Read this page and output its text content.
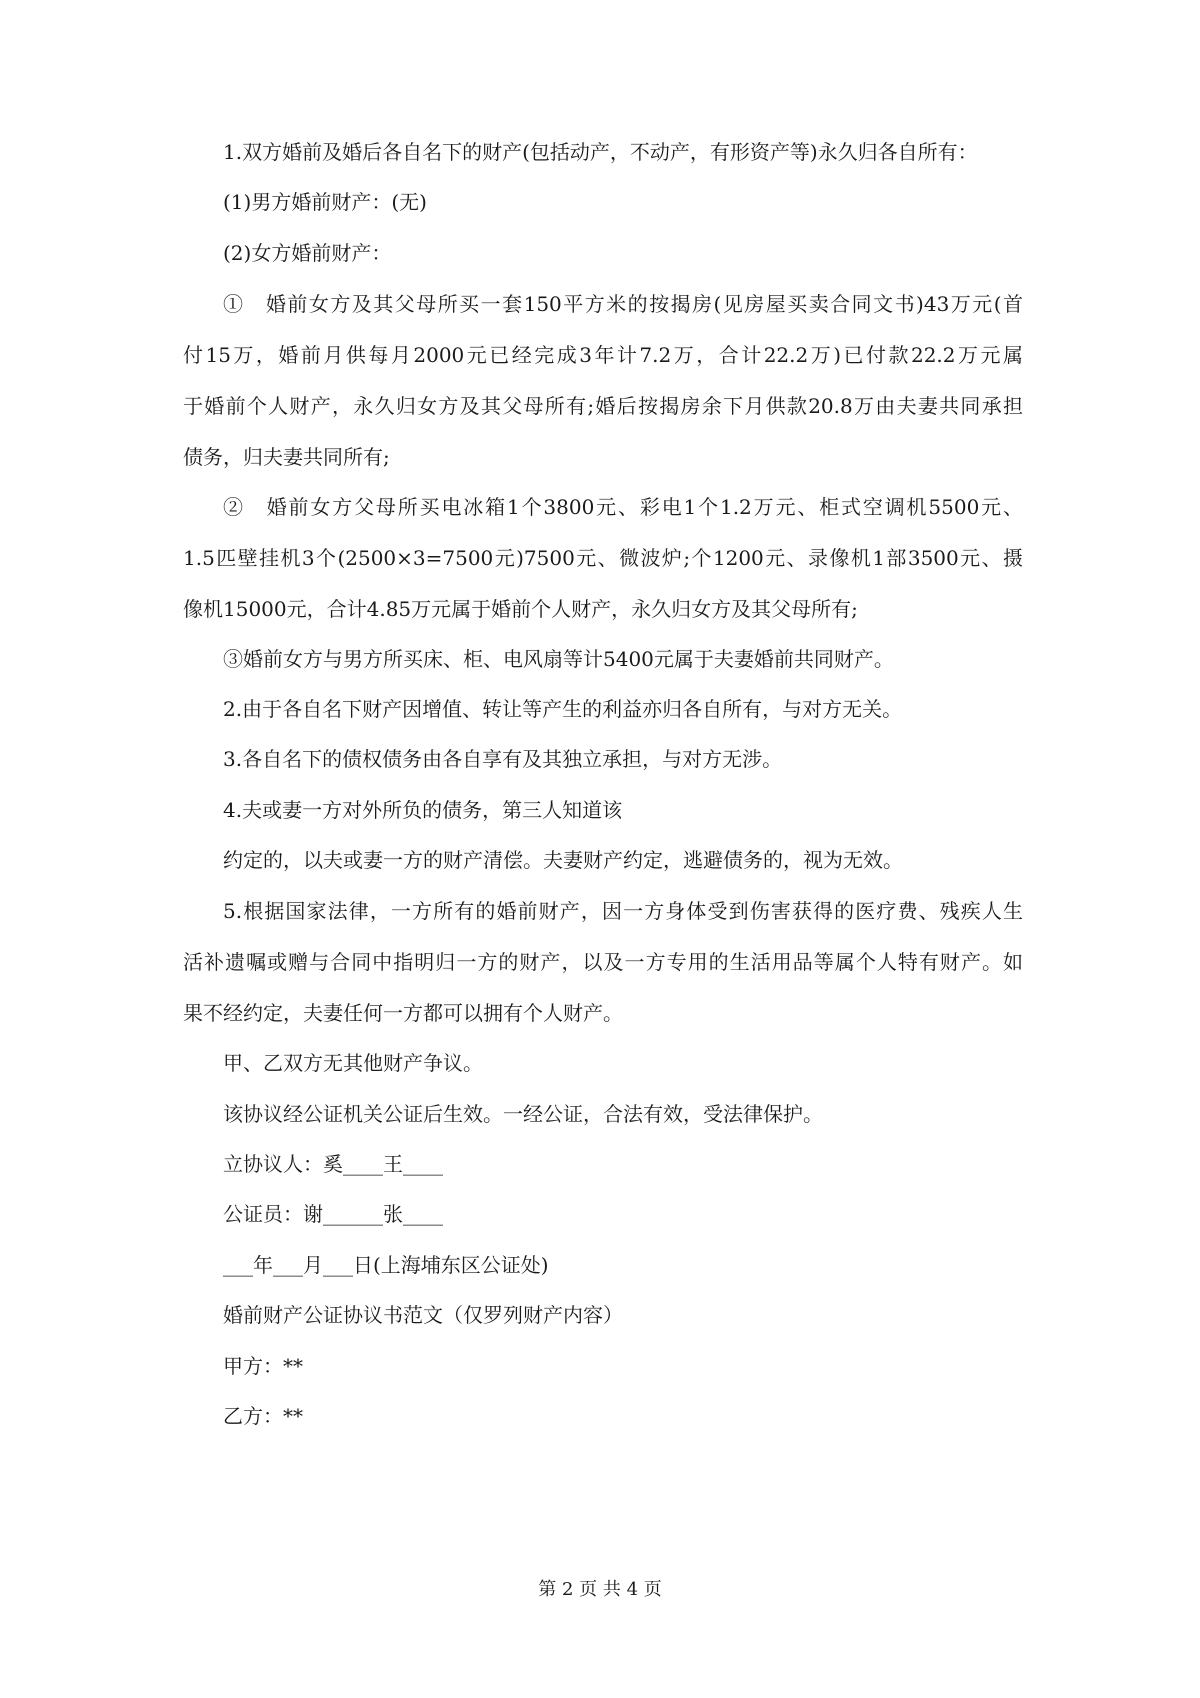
1.双方婚前及婚后各自名下的财产(包括动产，不动产，有形资产等)永久归各自所有：
(1)男方婚前财产：(无)
(2)女方婚前财产：
①　婚前女方及其父母所买一套150平方米的按揭房(见房屋买卖合同文书)43万元(首
付15万，婚前月供每月2000元已经完成3年计7.2万，合计22.2万)已付款22.2万元属
于婚前个人财产，永久归女方及其父母所有;婚后按揭房余下月供款20.8万由夫妻共同承担
债务，归夫妻共同所有;
②　婚前女方父母所买电冰箱1个3800元、彩电1个1.2万元、柜式空调机5500元、
1.5匹壁挂机3个(2500×3=7500元)7500元、微波炉;个1200元、录像机1部3500元、摄
像机15000元，合计4.85万元属于婚前个人财产，永久归女方及其父母所有;
③婚前女方与男方所买床、柜、电风扇等计5400元属于夫妻婚前共同财产。
2.由于各自名下财产因增值、转让等产生的利益亦归各自所有，与对方无关。
3.各自名下的债权债务由各自享有及其独立承担，与对方无涉。
4.夫或妻一方对外所负的债务，第三人知道该
约定的，以夫或妻一方的财产清偿。夫妻财产约定，逃避债务的，视为无效。
5.根据国家法律，一方所有的婚前财产，因一方身体受到伤害获得的医疗费、残疾人生
活补遗嘱或赠与合同中指明归一方的财产，以及一方专用的生活用品等属个人特有财产。如
果不经约定，夫妻任何一方都可以拥有个人财产。
甲、乙双方无其他财产争议。
该协议经公证机关公证后生效。一经公证，合法有效，受法律保护。
立协议人：奚____王____
公证员：谢______张____
___年___月___日(上海埔东区公证处)
婚前财产公证协议书范文（仅罗列财产内容）
甲方：**
乙方：**
第 2 页 共 4 页
